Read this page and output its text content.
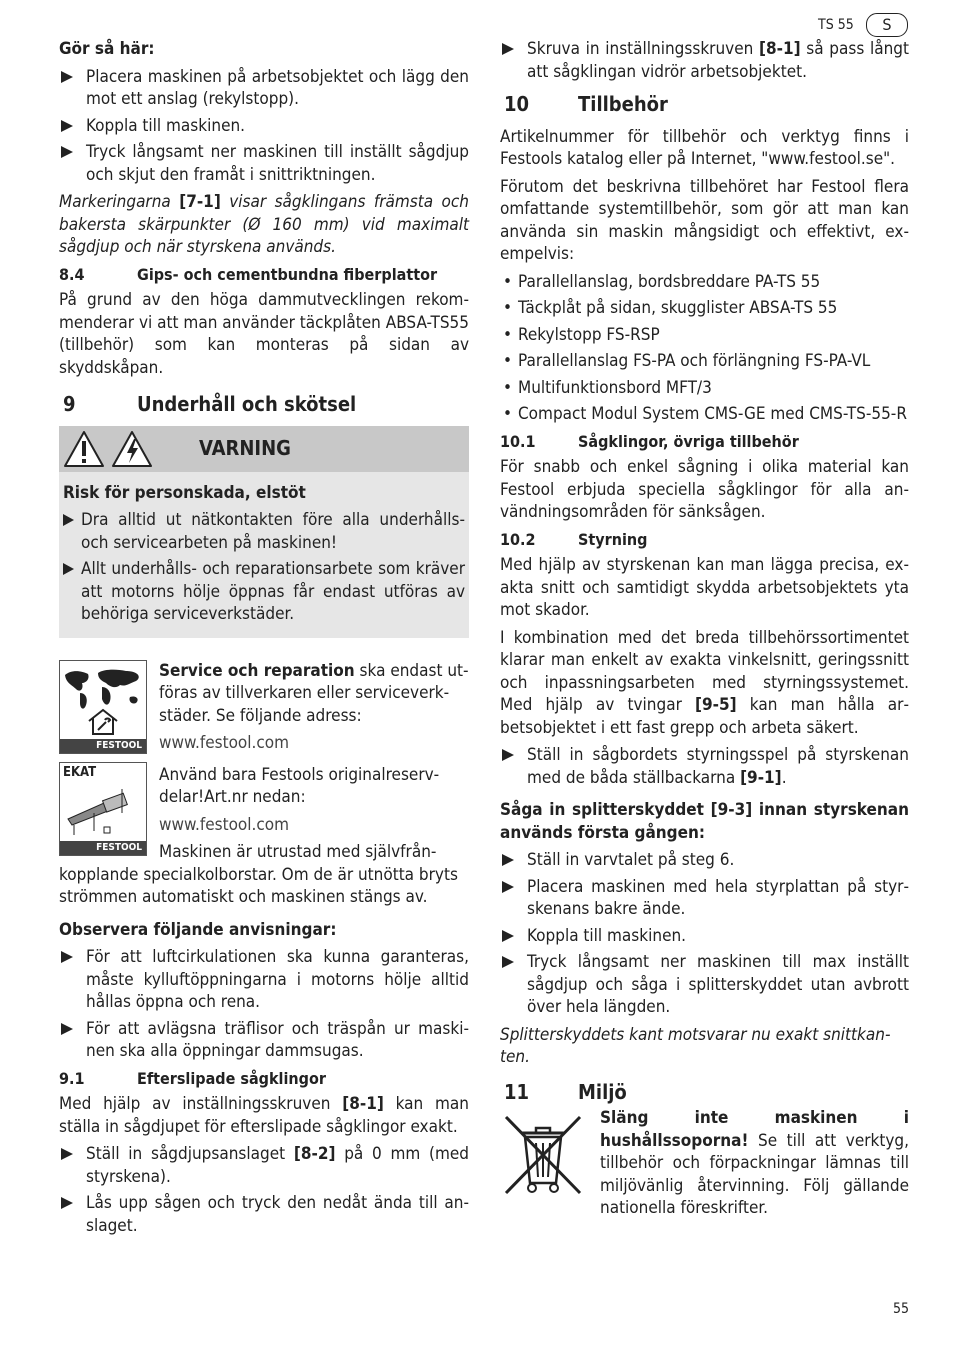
TS 55	S
55

Gör så här:

Placera maskinen på arbetsobjektet och lägg den mot ett anslag (rekylstopp).
Koppla till maskinen.
Tryck långsamt ner maskinen till inställt sågdjup och skjut den framåt i snittriktningen.

Markeringarna [7-1] visar sågklingans främsta och bakersta skärpunkter (Ø 160 mm) vid maximalt sågdjup och när styrskena används.

8.4	Gips- och cementbundna fiberplattor

På grund av den höga dammutvecklingen rekommenderar vi att man använder täckplåten ABSA-TS55 (tillbehör) som kan monteras på sidan av skyddskåpan.

9	Underhåll och skötsel
VARNING

Risk för personskada, elstöt

Dra alltid ut nätkontakten före alla underhålls- och servicearbeten på maskinen!
Allt underhålls- och reparationsarbete som kräver att motorns hölje öppnas får endast utföras av behöriga serviceverkstäder.
FESTOOL
EKAT
FESTOOL

Service och reparation ska endast utföras av tillverkaren eller serviceverkstäder. Se följande adress:

www.festool.com

Använd bara Festools originalreservdelar!Art.nr nedan:

www.festool.com

Maskinen är utrustad med självfrånkopplande specialkolborstar. Om de är utnötta bryts strömmen automatiskt och maskinen stängs av.

Observera följande anvisningar:

För att luftcirkulationen ska kunna garanteras, måste kylluftöppningarna i motorns hölje alltid hållas öppna och rena.
För att avlägsna träflisor och träspån ur maskinen ska alla öppningar dammsugas.
9.1	Efterslipade sågklingor

Med hjälp av inställningsskruven [8-1] kan man ställa in sågdjupet för efterslipade sågklingor exakt.

Ställ in sågdjupsanslaget [8-2] på 0 mm (med styrskena).
Lås upp sågen och tryck den nedåt ända till anslaget.
Skruva in inställningsskruven [8-1] så pass långt att sågklingan vidrör arbetsobjektet.
10	Tillbehör

Artikelnummer för tillbehör och verktyg finns i Festools katalog eller på Internet, "www.festool.se".

Förutom det beskrivna tillbehöret har Festool flera omfattande systemtillbehör, som gör att man kan använda sin maskin mångsidigt och effektivt, exempelvis:

• Parallellanslag, bordsbreddare PA-TS 55
• Täckplåt på sidan, skugglister ABSA-TS 55
• Rekylstopp FS-RSP
• Parallellanslag FS-PA och förlängning FS-PA-VL
• Multifunktionsbord MFT/3
• Compact Modul System CMS-GE med CMS-TS-55-R
10.1	Sågklingor, övriga tillbehör

För snabb och enkel sågning i olika material kan Festool erbjuda speciella sågklingor för alla användningsområden för sänksågen.

10.2	Styrning

Med hjälp av styrskenan kan man lägga precisa, exakta snitt och samtidigt skydda arbetsobjektets yta mot skador.

I kombination med det breda tillbehörssortimentet klarar man enkelt av exakta vinkelsnitt, geringssnitt och inpassningsarbeten med styrningssystemet. Med hjälp av tvingar [9-5] kan man hålla arbetsobjektet i ett fast grepp och arbeta säkert.

Ställ in sågbordets styrningsspel på styrskenan med de båda ställbackarna [9-1].

Såga in splitterskyddet [9-3] innan styrskenan används första gången:

Ställ in varvtalet på steg 6.
Placera maskinen med hela styrplattan på styrskenans bakre ände.
Koppla till maskinen.
Tryck långsamt ner maskinen till max inställt sågdjup och såga i splitterskyddet utan avbrott över hela längden.

Splitterskyddets kant motsvarar nu exakt snittkanten.

11	Miljö

Släng inte maskinen i hushållssoporna! Se till att verktyg, tillbehör och förpackningar lämnas till miljövänlig återvinning. Följ gällande nationella föreskrifter.
